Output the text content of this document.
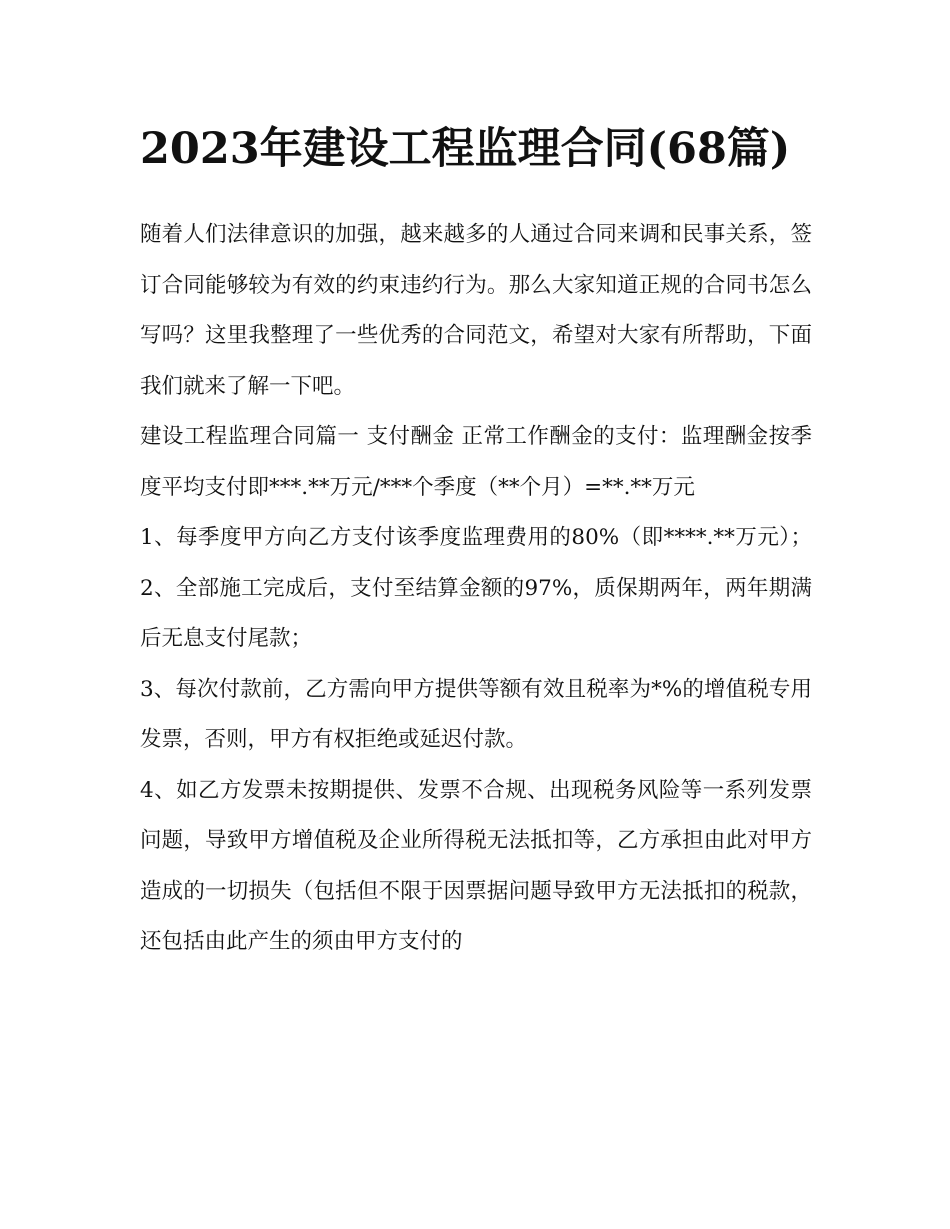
2023年建设工程监理合同(68篇)

随着人们法律意识的加强，越来越多的人通过合同来调和民事关系，签订合同能够较为有效的约束违约行为。那么大家知道正规的合同书怎么写吗？这里我整理了一些优秀的合同范文，希望对大家有所帮助，下面我们就来了解一下吧。

建设工程监理合同篇一 支付酬金 正常工作酬金的支付：监理酬金按季度平均支付即***.**万元/***个季度（**个月）=**.**万元

1、每季度甲方向乙方支付该季度监理费用的80%（即****.**万元）； 2、全部施工完成后，支付至结算金额的97%，质保期两年，两年期满后无息支付尾款；

3、每次付款前，乙方需向甲方提供等额有效且税率为*%的增值税专用发票，否则，甲方有权拒绝或延迟付款。

4、如乙方发票未按期提供、发票不合规、出现税务风险等一系列发票问题，导致甲方增值税及企业所得税无法抵扣等，乙方承担由此对甲方造成的一切损失（包括但不限于因票据问题导致甲方无法抵扣的税款，还包括由此产生的须由甲方支付的
